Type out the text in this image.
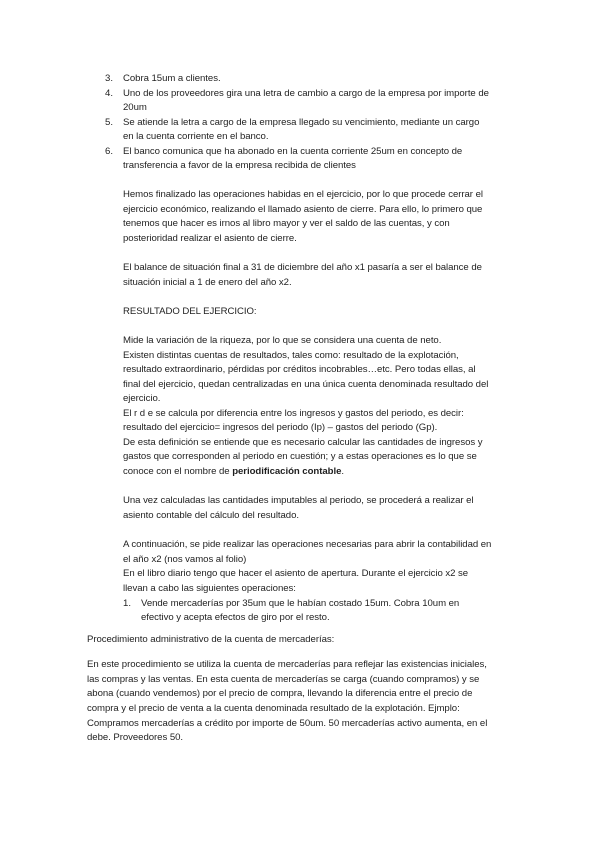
3. Cobra 15um a clientes.
4. Uno de los proveedores gira una letra de cambio a cargo de la empresa por importe de
20um
5. Se atiende la letra a cargo de la empresa llegado su vencimiento, mediante un cargo
en la cuenta corriente en el banco.
6. El banco comunica que ha abonado en la cuenta corriente 25um en concepto de
transferencia a favor de la empresa recibida de clientes
Hemos finalizado las operaciones habidas en el ejercicio, por lo que procede cerrar el
ejercicio económico, realizando el llamado asiento de cierre. Para ello, lo primero que
tenemos que hacer es irnos al libro mayor y ver el saldo de las cuentas, y con
posterioridad realizar el asiento de cierre.
El balance de situación final a 31 de diciembre del año x1 pasaría a ser el balance de
situación inicial a 1 de enero del año x2.
RESULTADO DEL EJERCICIO:
Mide la variación de la riqueza, por lo que se considera una cuenta de neto.
Existen distintas cuentas de resultados, tales como: resultado de la explotación,
resultado extraordinario, pérdidas por créditos incobrables…etc. Pero todas ellas, al
final del ejercicio, quedan centralizadas en una única cuenta denominada resultado del
ejercicio.
El r d e se calcula por diferencia entre los ingresos y gastos del periodo, es decir:
resultado del ejercicio= ingresos del periodo (Ip) – gastos del periodo (Gp).
De esta definición se entiende que es necesario calcular las cantidades de ingresos y
gastos que corresponden al periodo en cuestión; y a estas operaciones es lo que se
conoce con el nombre de periodificación contable.
Una vez calculadas las cantidades imputables al periodo, se procederá a realizar el
asiento contable del cálculo del resultado.
A continuación, se pide realizar las operaciones necesarias para abrir la contabilidad en
el año x2 (nos vamos al folio)
En el libro diario tengo que hacer el asiento de apertura. Durante el ejercicio x2 se
llevan a cabo las siguientes operaciones:
1. Vende mercaderías por 35um que le habían costado 15um. Cobra 10um en
efectivo y acepta efectos de giro por el resto.
Procedimiento administrativo de la cuenta de mercaderías:
En este procedimiento se utiliza la cuenta de mercaderías para reflejar las existencias iniciales,
las compras y las ventas. En esta cuenta de mercaderías se carga (cuando compramos) y se
abona (cuando vendemos) por el precio de compra, llevando la diferencia entre el precio de
compra y el precio de venta a la cuenta denominada resultado de la explotación. Ejmplo:
Compramos mercaderías a crédito por importe de 50um. 50 mercaderías activo aumenta, en el
debe. Proveedores 50.
